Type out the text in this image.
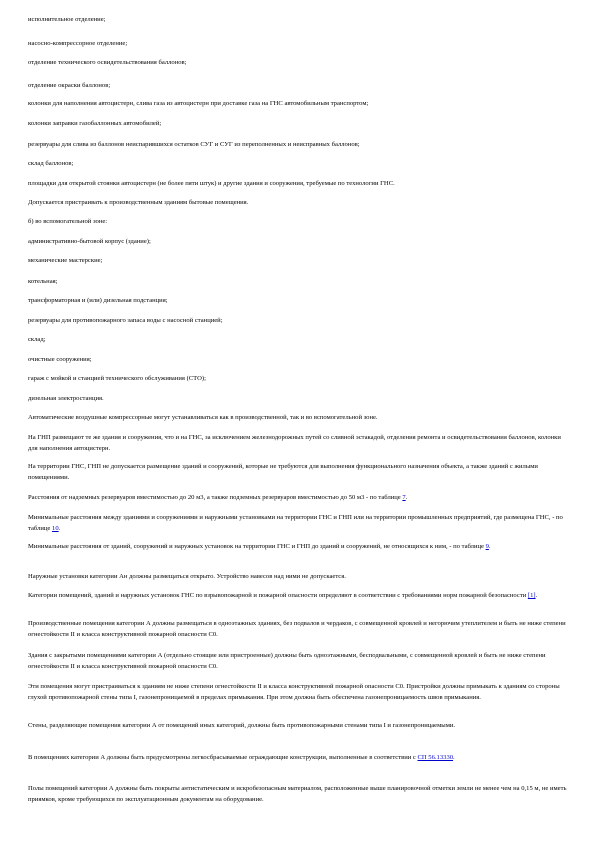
исполнительное отделение;
насосно-компрессорное отделение;
отделение технического освидетельствования баллонов;
отделение окраски баллонов;
колонки для наполнения автоцистерн, слива газа из автоцистерн при доставке газа на ГНС автомобильным транспортом;
колонки заправки газобаллонных автомобилей;
резервуары для слива из баллонов неиспарившихся остатков СУГ и СУГ из переполненных и неисправных баллонов;
склад баллонов;
площадки для открытой стоянки автоцистерн (не более пяти штук) и другие здания и сооружения, требуемые по технологии ГНС.
Допускается пристраивать к производственным зданиям бытовые помещения.
б) во вспомогательной зоне:
административно-бытовой корпус (здание);
механические мастерские;
котельная;
трансформаторная и (или) дизельная подстанция;
резервуары для противопожарного запаса воды с насосной станцией;
склад;
очистные сооружения;
гараж с мойкой и станцией технического обслуживания (СТО);
дизельная электростанция.
Автоматические воздушные компрессорные могут устанавливаться как в производственной, так и во вспомогательной зоне.
На ГНП размещают те же здания и сооружения, что и на ГНС, за исключением железнодорожных путей со сливной эстакадой, отделения ремонта и освидетельствования баллонов, колонки для наполнения автоцистерн.
На территории ГНС, ГНП не допускается размещение зданий и сооружений, которые не требуются для выполнения функционального назначения объекта, а также зданий с жилыми помещениями.
Расстояния от надземных резервуаров вместимостью до 20 м3, а также подземных резервуаров вместимостью до 50 м3 - по таблице 7.
Минимальные расстояния между зданиями и сооружениями и наружными установками на территории ГНС и ГНП или на территории промышленных предприятий, где размещена ГНС, - по таблице 10.
Минимальные расстояния от зданий, сооружений и наружных установок на территории ГНС и ГНП до зданий и сооружений, не относящихся к ним, - по таблице 9.
Наружные установки категории Ан должны размещаться открыто. Устройство навесов над ними не допускается.
Категории помещений, зданий и наружных установок ГНС по взрывопожарной и пожарной опасности определяют в соответствии с требованиями норм пожарной безопасности [1].
Производственные помещения категории А должны размещаться в одноэтажных зданиях, без подвалов и чердаков, с совмещенной кровлей и негорючим утеплителем и быть не ниже степени огнестойкости II и класса конструктивной пожарной опасности С0.
Здания с закрытыми помещениями категории А (отдельно стоящие или пристроенные) должны быть одноэтажными, бесподвальными, с совмещенной кровлей и быть не ниже степени огнестойкости II и класса конструктивной пожарной опасности С0.
Эти помещения могут пристраиваться к зданиям не ниже степени огнестойкости II и класса конструктивной пожарной опасности С0. Пристройки должны примыкать к зданиям со стороны глухой противопожарной стены типа I, газонепроницаемой в пределах примыкания. При этом должна быть обеспечена газонепроницаемость швов примыкания.
Стены, разделяющие помещения категории А от помещений иных категорий, должны быть противопожарными стенами типа I и газонепроницаемыми.
В помещениях категории А должны быть предусмотрены легкосбрасываемые ограждающие конструкции, выполненные в соответствии с СП 56.13330.
Полы помещений категории А должны быть покрыты антистатическим и искробезопасным материалом, расположенные выше планировочной отметки земли не менее чем на 0,15 м, не иметь приямков, кроме требующихся по эксплуатационным документам на оборудование.
